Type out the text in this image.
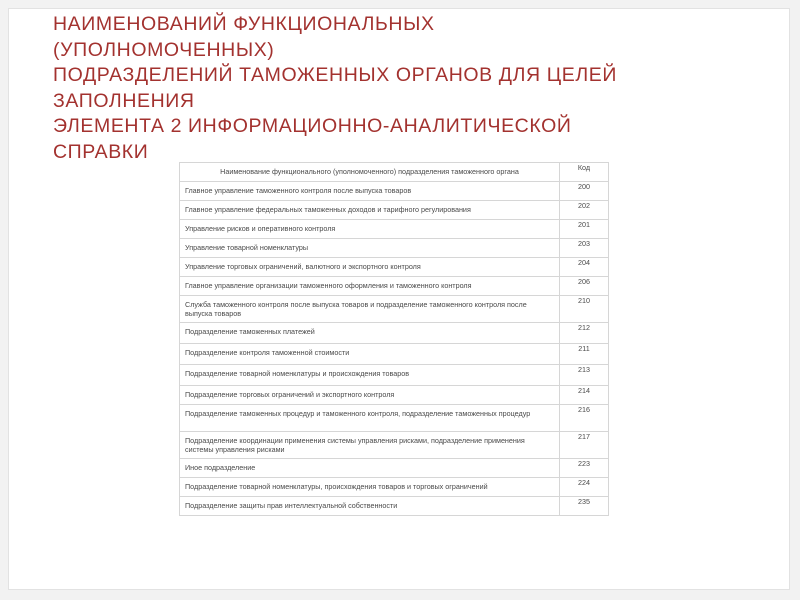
НАИМЕНОВАНИЙ ФУНКЦИОНАЛЬНЫХ
(УПОЛНОМОЧЕННЫХ)
ПОДРАЗДЕЛЕНИЙ ТАМОЖЕННЫХ ОРГАНОВ ДЛЯ ЦЕЛЕЙ
ЗАПОЛНЕНИЯ
ЭЛЕМЕНТА 2 ИНФОРМАЦИОННО-АНАЛИТИЧЕСКОЙ
СПРАВКИ
Наименование функционального (уполномоченного) подразделения таможенного органа	Код
Главное управление таможенного контроля после выпуска товаров	200
Главное управление федеральных таможенных доходов и тарифного регулирования	202
Управление рисков и оперативного контроля	201
Управление товарной номенклатуры	203
Управление торговых ограничений, валютного и экспортного контроля	204
Главное управление организации таможенного оформления и таможенного контроля	206
Служба таможенного контроля после выпуска товаров и подразделение таможенного контроля после выпуска товаров	210
Подразделение таможенных платежей	212
Подразделение контроля таможенной стоимости	211
Подразделение товарной номенклатуры и происхождения товаров	213
Подразделение торговых ограничений и экспортного контроля	214
Подразделение таможенных процедур и таможенного контроля, подразделение таможенных процедур	216
Подразделение координации применения системы управления рисками, подразделение применения системы управления рисками	217
Иное подразделение	223
Подразделение товарной номенклатуры, происхождения товаров и торговых ограничений	224
Подразделение защиты прав интеллектуальной собственности	235
